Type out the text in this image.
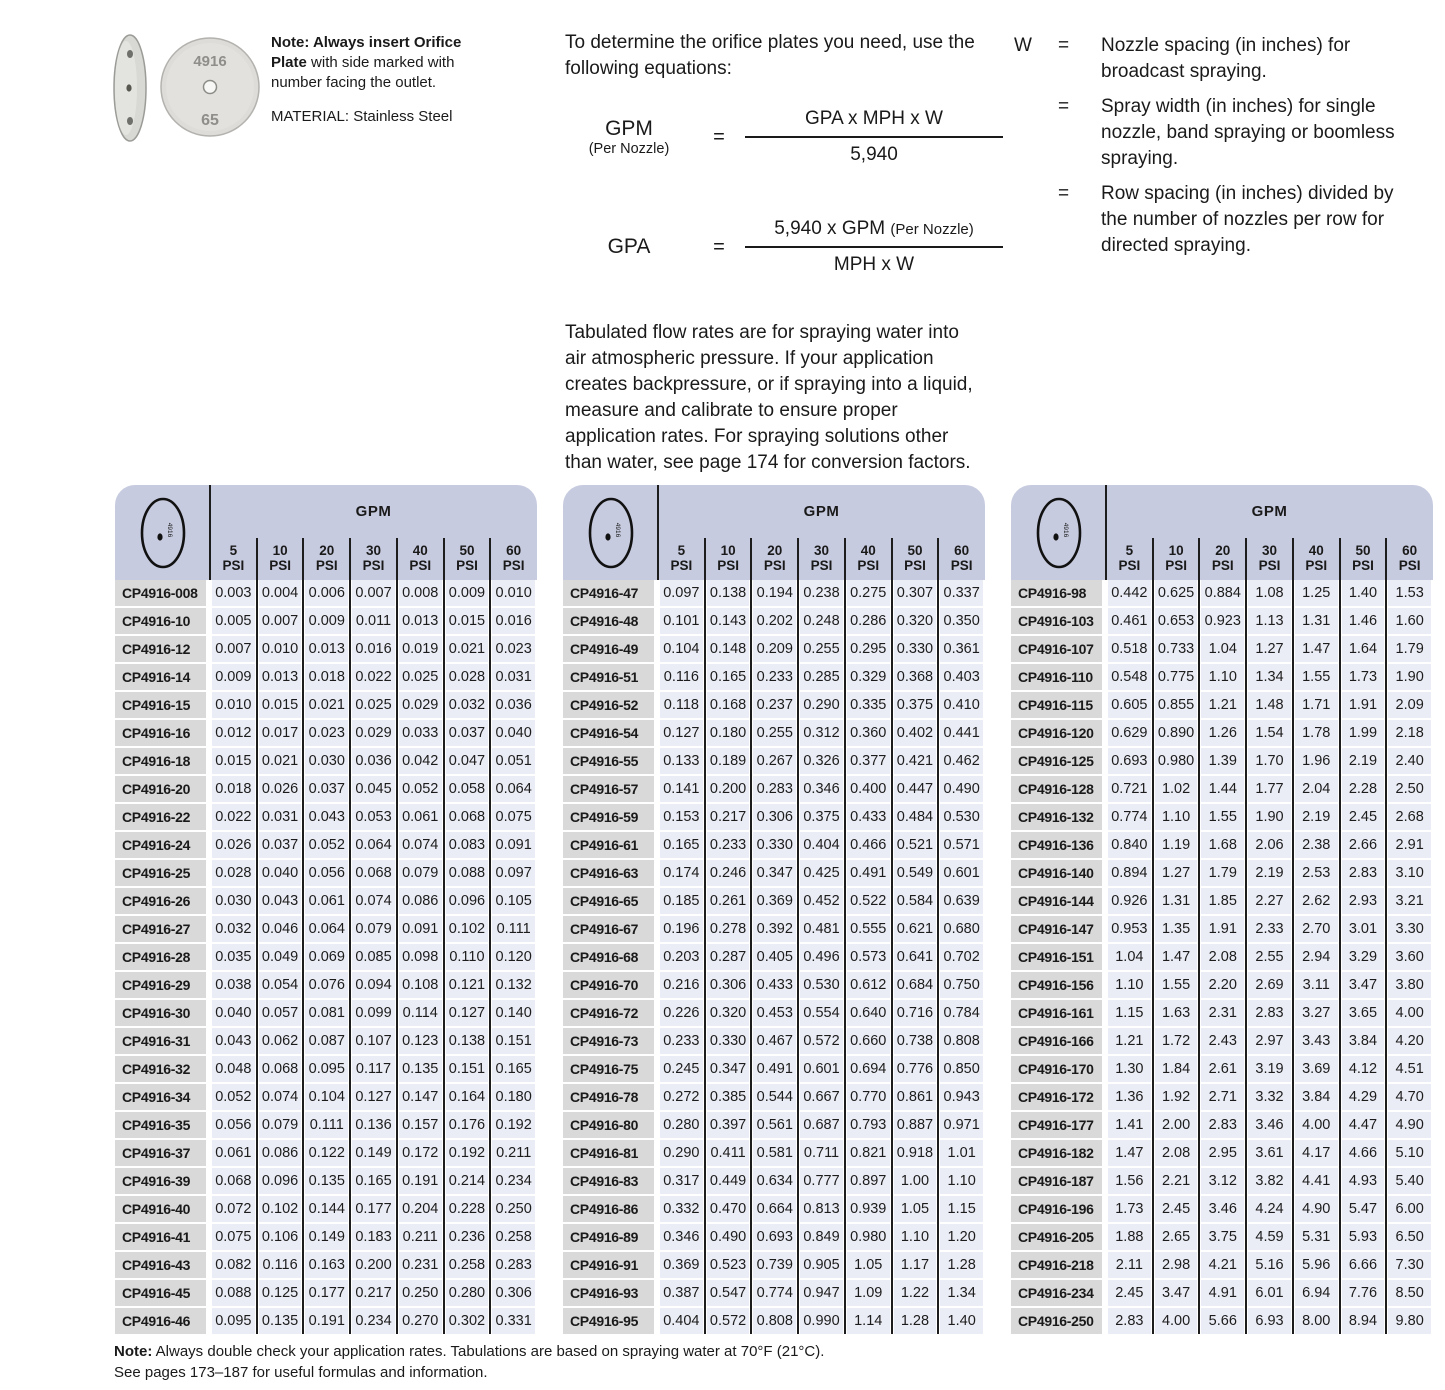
4916
65
Note: Always insert Orifice Plate with side marked with number facing the outlet.
MATERIAL: Stainless Steel
To determine the orifice plates you need, use the following equations:
GPM
(Per Nozzle)
=	$\frac{\text{GPA x MPH x W}}{5,940}$
GPA	=	$\frac{\text{5,940 x GPM (Per Nozzle)}}{\text{MPH x W}}$
Tabulated flow rates are for spraying water into air atmospheric pressure. If your application creates backpressure, or if spraying into a liquid, measure and calibrate to ensure proper application rates. For spraying solutions other than water, see page 174 for conversion factors.
W	=	Nozzle spacing (in inches) for broadcast spraying.
=	Spray width (in inches) for single nozzle, band spraying or boomless spraying.
=	Row spacing (in inches) divided by the number of nozzles per row for directed spraying.
4916
GPM
5
PSI
10
PSI
20
PSI
30
PSI
40
PSI
50
PSI
60
PSI
CP4916-008	0.003 0.004 0.006 0.007 0.008 0.009 0.010
CP4916-10	0.005 0.007 0.009 0.011 0.013 0.015 0.016
CP4916-12	0.007 0.010 0.013 0.016 0.019 0.021 0.023
CP4916-14	0.009 0.013 0.018 0.022 0.025 0.028 0.031
CP4916-15	0.010 0.015 0.021 0.025 0.029 0.032 0.036
CP4916-16	0.012 0.017 0.023 0.029 0.033 0.037 0.040
CP4916-18	0.015 0.021 0.030 0.036 0.042 0.047 0.051
CP4916-20	0.018 0.026 0.037 0.045 0.052 0.058 0.064
CP4916-22	0.022 0.031 0.043 0.053 0.061 0.068 0.075
CP4916-24	0.026 0.037 0.052 0.064 0.074 0.083 0.091
CP4916-25	0.028 0.040 0.056 0.068 0.079 0.088 0.097
CP4916-26	0.030 0.043 0.061 0.074 0.086 0.096 0.105
CP4916-27	0.032 0.046 0.064 0.079 0.091 0.102 0.111
CP4916-28	0.035 0.049 0.069 0.085 0.098 0.110 0.120
CP4916-29	0.038 0.054 0.076 0.094 0.108 0.121 0.132
CP4916-30	0.040 0.057 0.081 0.099 0.114 0.127 0.140
CP4916-31	0.043 0.062 0.087 0.107 0.123 0.138 0.151
CP4916-32	0.048 0.068 0.095 0.117 0.135 0.151 0.165
CP4916-34	0.052 0.074 0.104 0.127 0.147 0.164 0.180
CP4916-35	0.056 0.079 0.111 0.136 0.157 0.176 0.192
CP4916-37	0.061 0.086 0.122 0.149 0.172 0.192 0.211
CP4916-39	0.068 0.096 0.135 0.165 0.191 0.214 0.234
CP4916-40	0.072 0.102 0.144 0.177 0.204 0.228 0.250
CP4916-41	0.075 0.106 0.149 0.183 0.211 0.236 0.258
CP4916-43	0.082 0.116 0.163 0.200 0.231 0.258 0.283
CP4916-45	0.088 0.125 0.177 0.217 0.250 0.280 0.306
CP4916-46	0.095 0.135 0.191 0.234 0.270 0.302 0.331
4916
GPM
5
PSI
10
PSI
20
PSI
30
PSI
40
PSI
50
PSI
60
PSI
CP4916-47	0.097 0.138 0.194 0.238 0.275 0.307 0.337
CP4916-48	0.101 0.143 0.202 0.248 0.286 0.320 0.350
CP4916-49	0.104 0.148 0.209 0.255 0.295 0.330 0.361
CP4916-51	0.116 0.165 0.233 0.285 0.329 0.368 0.403
CP4916-52	0.118 0.168 0.237 0.290 0.335 0.375 0.410
CP4916-54	0.127 0.180 0.255 0.312 0.360 0.402 0.441
CP4916-55	0.133 0.189 0.267 0.326 0.377 0.421 0.462
CP4916-57	0.141 0.200 0.283 0.346 0.400 0.447 0.490
CP4916-59	0.153 0.217 0.306 0.375 0.433 0.484 0.530
CP4916-61	0.165 0.233 0.330 0.404 0.466 0.521 0.571
CP4916-63	0.174 0.246 0.347 0.425 0.491 0.549 0.601
CP4916-65	0.185 0.261 0.369 0.452 0.522 0.584 0.639
CP4916-67	0.196 0.278 0.392 0.481 0.555 0.621 0.680
CP4916-68	0.203 0.287 0.405 0.496 0.573 0.641 0.702
CP4916-70	0.216 0.306 0.433 0.530 0.612 0.684 0.750
CP4916-72	0.226 0.320 0.453 0.554 0.640 0.716 0.784
CP4916-73	0.233 0.330 0.467 0.572 0.660 0.738 0.808
CP4916-75	0.245 0.347 0.491 0.601 0.694 0.776 0.850
CP4916-78	0.272 0.385 0.544 0.667 0.770 0.861 0.943
CP4916-80	0.280 0.397 0.561 0.687 0.793 0.887 0.971
CP4916-81	0.290 0.411 0.581 0.711 0.821 0.918 1.01
CP4916-83	0.317 0.449 0.634 0.777 0.897 1.00	1.10
CP4916-86	0.332 0.470 0.664 0.813 0.939 1.05	1.15
CP4916-89	0.346 0.490 0.693 0.849 0.980 1.10	1.20
CP4916-91	0.369 0.523 0.739 0.905 1.05	1.17	1.28
CP4916-93	0.387 0.547 0.774 0.947 1.09	1.22	1.34
CP4916-95	0.404 0.572 0.808 0.990 1.14	1.28	1.40
4916
GPM
5
PSI
10
PSI
20
PSI
30
PSI
40
PSI
50
PSI
60
PSI
CP4916-98	0.442 0.625 0.884 1.08	1.25	1.40	1.53
CP4916-103	0.461 0.653 0.923 1.13	1.31	1.46	1.60
CP4916-107	0.518 0.733 1.04	1.27	1.47	1.64	1.79
CP4916-110	0.548 0.775 1.10	1.34	1.55	1.73	1.90
CP4916-115	0.605 0.855 1.21	1.48	1.71	1.91	2.09
CP4916-120	0.629 0.890 1.26	1.54	1.78	1.99	2.18
CP4916-125	0.693 0.980 1.39	1.70	1.96	2.19	2.40
CP4916-128	0.721 1.02	1.44	1.77	2.04	2.28	2.50
CP4916-132	0.774 1.10	1.55	1.90	2.19	2.45	2.68
CP4916-136	0.840 1.19	1.68	2.06	2.38	2.66	2.91
CP4916-140	0.894 1.27	1.79	2.19	2.53	2.83	3.10
CP4916-144	0.926 1.31	1.85	2.27	2.62	2.93	3.21
CP4916-147	0.953 1.35	1.91	2.33	2.70	3.01	3.30
CP4916-151	1.04	1.47	2.08	2.55	2.94	3.29	3.60
CP4916-156	1.10	1.55	2.20	2.69	3.11	3.47	3.80
CP4916-161	1.15	1.63	2.31	2.83	3.27	3.65	4.00
CP4916-166	1.21	1.72	2.43	2.97	3.43	3.84	4.20
CP4916-170	1.30	1.84	2.61	3.19	3.69	4.12	4.51
CP4916-172	1.36	1.92	2.71	3.32	3.84	4.29	4.70
CP4916-177	1.41	2.00	2.83	3.46	4.00	4.47	4.90
CP4916-182	1.47	2.08	2.95	3.61	4.17	4.66	5.10
CP4916-187	1.56	2.21	3.12	3.82	4.41	4.93	5.40
CP4916-196	1.73	2.45	3.46	4.24	4.90	5.47	6.00
CP4916-205	1.88	2.65	3.75	4.59	5.31	5.93	6.50
CP4916-218	2.11	2.98	4.21	5.16	5.96	6.66	7.30
CP4916-234	2.45	3.47	4.91	6.01	6.94	7.76	8.50
CP4916-250	2.83	4.00	5.66	6.93	8.00	8.94	9.80
Note: Always double check your application rates. Tabulations are based on spraying water at 70°F (21°C).
See pages 173–187 for useful formulas and information.
